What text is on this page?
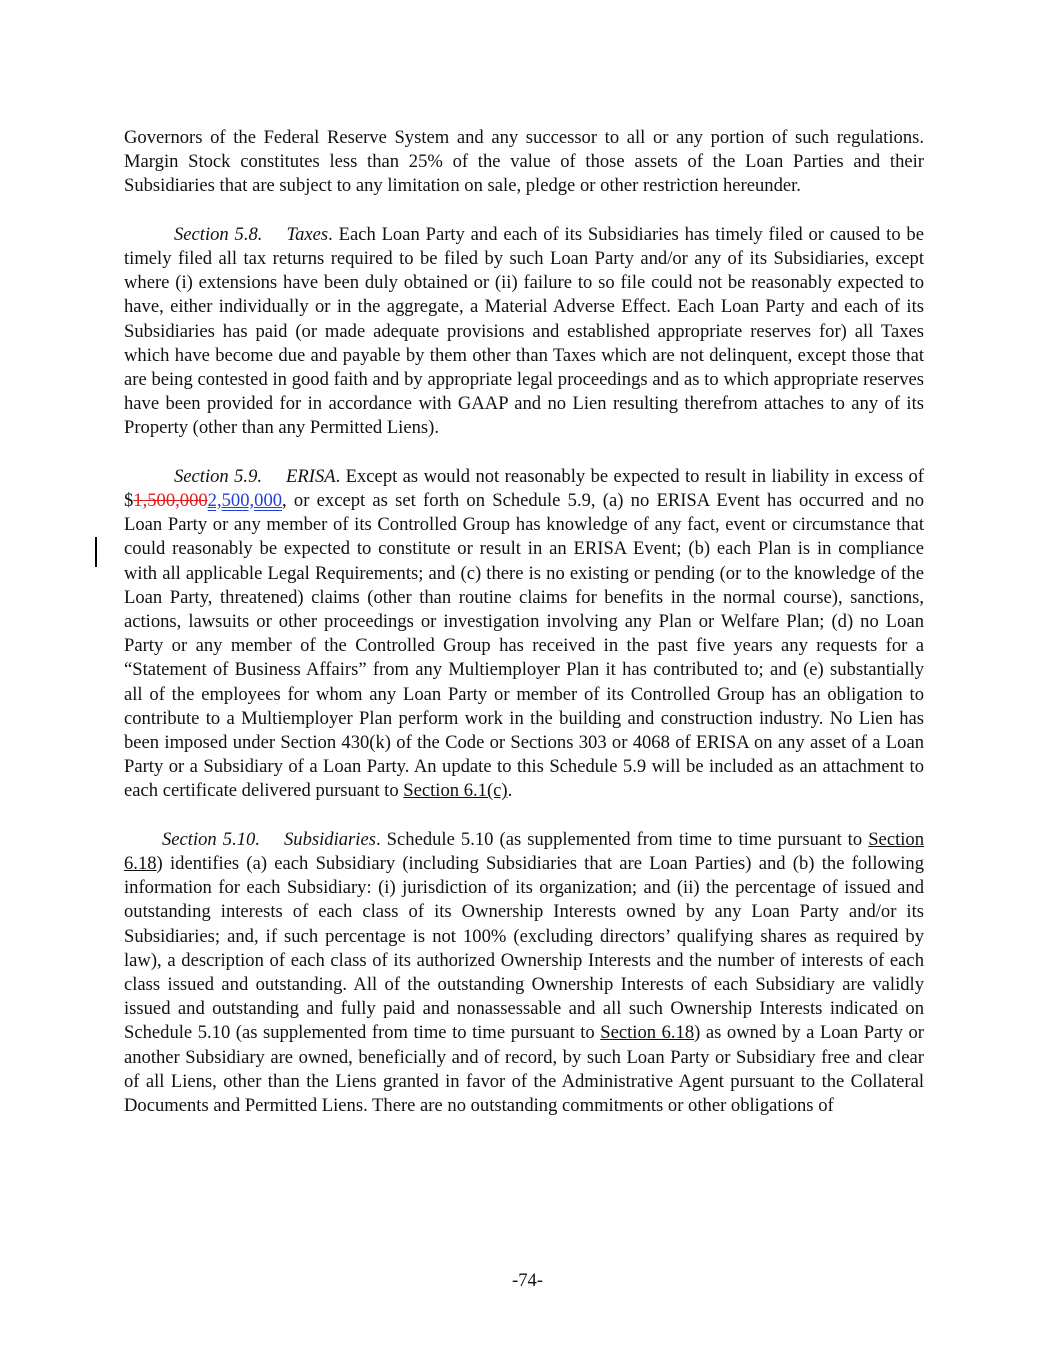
Governors of the Federal Reserve System and any successor to all or any portion of such regulations. Margin Stock constitutes less than 25% of the value of those assets of the Loan Parties and their Subsidiaries that are subject to any limitation on sale, pledge or other restriction hereunder.

Section 5.8. Taxes. Each Loan Party and each of its Subsidiaries has timely filed or caused to be timely filed all tax returns required to be filed by such Loan Party and/or any of its Subsidiaries, except where (i) extensions have been duly obtained or (ii) failure to so file could not be reasonably expected to have, either individually or in the aggregate, a Material Adverse Effect. Each Loan Party and each of its Subsidiaries has paid (or made adequate provisions and established appropriate reserves for) all Taxes which have become due and payable by them other than Taxes which are not delinquent, except those that are being contested in good faith and by appropriate legal proceedings and as to which appropriate reserves have been provided for in accordance with GAAP and no Lien resulting therefrom attaches to any of its Property (other than any Permitted Liens).

Section 5.9. ERISA. Except as would not reasonably be expected to result in liability in excess of $1,500,0002,500,000, or except as set forth on Schedule 5.9, (a) no ERISA Event has occurred and no Loan Party or any member of its Controlled Group has knowledge of any fact, event or circumstance that could reasonably be expected to constitute or result in an ERISA Event; (b) each Plan is in compliance with all applicable Legal Requirements; and (c) there is no existing or pending (or to the knowledge of the Loan Party, threatened) claims (other than routine claims for benefits in the normal course), sanctions, actions, lawsuits or other proceedings or investigation involving any Plan or Welfare Plan; (d) no Loan Party or any member of the Controlled Group has received in the past five years any requests for a “Statement of Business Affairs” from any Multiemployer Plan it has contributed to; and (e) substantially all of the employees for whom any Loan Party or member of its Controlled Group has an obligation to contribute to a Multiemployer Plan perform work in the building and construction industry. No Lien has been imposed under Section 430(k) of the Code or Sections 303 or 4068 of ERISA on any asset of a Loan Party or a Subsidiary of a Loan Party. An update to this Schedule 5.9 will be included as an attachment to each certificate delivered pursuant to Section 6.1(c).

Section 5.10. Subsidiaries. Schedule 5.10 (as supplemented from time to time pursuant to Section 6.18) identifies (a) each Subsidiary (including Subsidiaries that are Loan Parties) and (b) the following information for each Subsidiary: (i) jurisdiction of its organization; and (ii) the percentage of issued and outstanding interests of each class of its Ownership Interests owned by any Loan Party and/or its Subsidiaries; and, if such percentage is not 100% (excluding directors’ qualifying shares as required by law), a description of each class of its authorized Ownership Interests and the number of interests of each class issued and outstanding. All of the outstanding Ownership Interests of each Subsidiary are validly issued and outstanding and fully paid and nonassessable and all such Ownership Interests indicated on Schedule 5.10 (as supplemented from time to time pursuant to Section 6.18) as owned by a Loan Party or another Subsidiary are owned, beneficially and of record, by such Loan Party or Subsidiary free and clear of all Liens, other than the Liens granted in favor of the Administrative Agent pursuant to the Collateral Documents and Permitted Liens. There are no outstanding commitments or other obligations of

-74-
